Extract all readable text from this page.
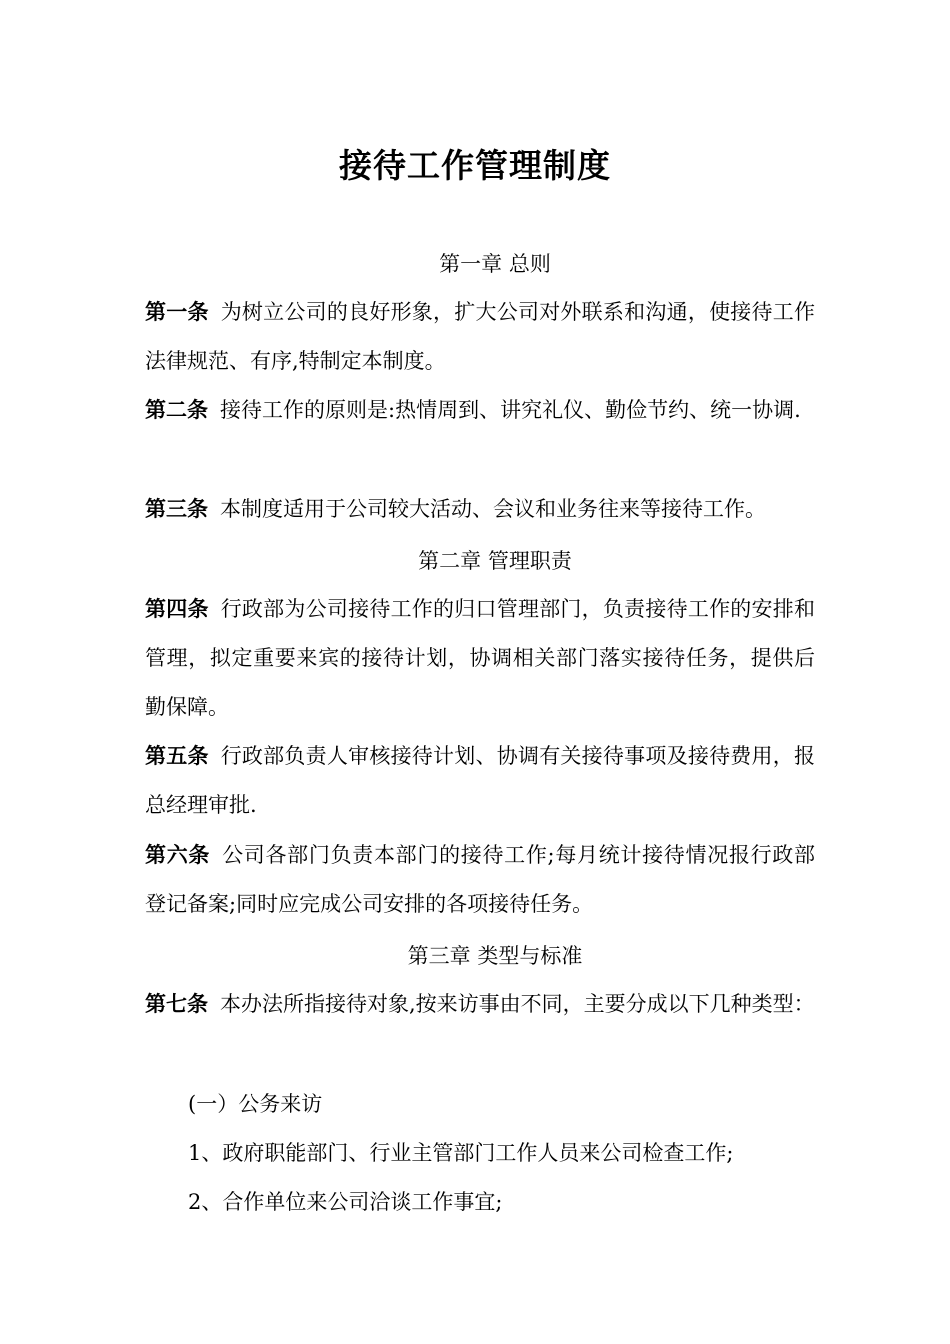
接待工作管理制度
第一章 总则
第一条 为树立公司的良好形象，扩大公司对外联系和沟通，使接待工作法律规范、有序,特制定本制度。
第二条 接待工作的原则是:热情周到、讲究礼仪、勤俭节约、统一协调.
第三条 本制度适用于公司较大活动、会议和业务往来等接待工作。
第二章 管理职责
第四条 行政部为公司接待工作的归口管理部门，负责接待工作的安排和管理，拟定重要来宾的接待计划，协调相关部门落实接待任务，提供后勤保障。
第五条 行政部负责人审核接待计划、协调有关接待事项及接待费用，报总经理审批.
第六条 公司各部门负责本部门的接待工作;每月统计接待情况报行政部登记备案;同时应完成公司安排的各项接待任务。
第三章 类型与标准
第七条 本办法所指接待对象,按来访事由不同，主要分成以下几种类型：
(一）公务来访
1、政府职能部门、行业主管部门工作人员来公司检查工作;
2、合作单位来公司洽谈工作事宜;
